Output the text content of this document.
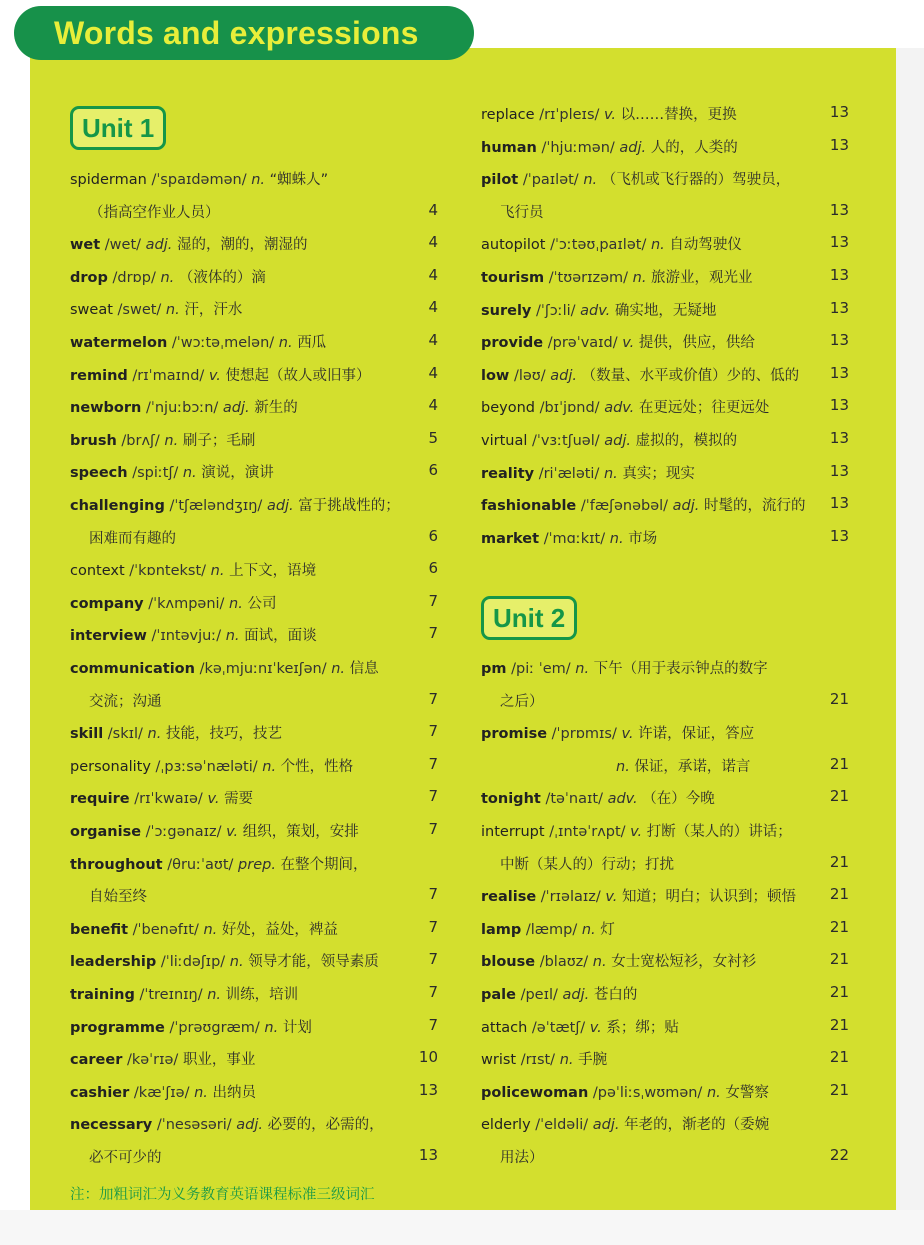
Words and expressions
Unit 1
spiderman /ˈspaɪdəmən/ n. “蜘蛛人”
（指高空作业人员）	4
wet /wet/ adj. 湿的，潮的，潮湿的	4
drop /drɒp/ n. （液体的）滴	4
sweat /swet/ n. 汗，汗水	4
watermelon /ˈwɔːtəˌmelən/ n. 西瓜	4
remind /rɪˈmaɪnd/ v. 使想起（故人或旧事）	4
newborn /ˈnjuːbɔːn/ adj. 新生的	4
brush /brʌʃ/ n. 刷子；毛刷	5
speech /spiːtʃ/ n. 演说，演讲	6
challenging /ˈtʃæləndʒɪŋ/ adj. 富于挑战性的；
困难而有趣的	6
context /ˈkɒntekst/ n. 上下文，语境	6
company /ˈkʌmpəni/ n. 公司	7
interview /ˈɪntəvjuː/ n. 面试，面谈	7
communication /kəˌmjuːnɪˈkeɪʃən/ n. 信息
交流；沟通	7
skill /skɪl/ n. 技能，技巧，技艺	7
personality /ˌpɜːsəˈnæləti/ n. 个性，性格	7
require /rɪˈkwaɪə/ v. 需要	7
organise /ˈɔːgənaɪz/ v. 组织，策划，安排	7
throughout /θruːˈaʊt/ prep. 在整个期间，
自始至终	7
benefit /ˈbenəfɪt/ n. 好处，益处，裨益	7
leadership /ˈliːdəʃɪp/ n. 领导才能，领导素质	7
training /ˈtreɪnɪŋ/ n. 训练，培训	7
programme /ˈprəʊgræm/ n. 计划	7
career /kəˈrɪə/ 职业，事业	10
cashier /kæˈʃɪə/ n. 出纳员	13
necessary /ˈnesəsəri/ adj. 必要的，必需的，
必不可少的	13
Unit 2
replace /rɪˈpleɪs/ v. 以……替换，更换	13
human /ˈhjuːmən/ adj. 人的，人类的	13
pilot /ˈpaɪlət/ n. （飞机或飞行器的）驾驶员，
飞行员	13
autopilot /ˈɔːtəʊˌpaɪlət/ n. 自动驾驶仪	13
tourism /ˈtʊərɪzəm/ n. 旅游业，观光业	13
surely /ˈʃɔːli/ adv. 确实地，无疑地	13
provide /prəˈvaɪd/ v. 提供，供应，供给	13
low /ləʊ/ adj. （数量、水平或价值）少的、低的 13
beyond /bɪˈjɒnd/ adv. 在更远处；往更远处	13
virtual /ˈvɜːtʃuəl/ adj. 虚拟的，模拟的	13
reality /riˈæləti/ n. 真实；现实	13
fashionable /ˈfæʃənəbəl/ adj. 时髦的，流行的 13
market /ˈmɑːkɪt/ n. 市场	13
pm /piː ˈem/ n. 下午（用于表示钟点的数字
之后）	21
promise /ˈprɒmɪs/ v. 许诺，保证，答应
n. 保证，承诺，诺言	21
tonight /təˈnaɪt/ adv. （在）今晚	21
interrupt /ˌɪntəˈrʌpt/ v. 打断（某人的）讲话；
中断（某人的）行动；打扰	21
realise /ˈrɪəlaɪz/ v. 知道；明白；认识到；顿悟 21
lamp /læmp/ n. 灯	21
blouse /blaʊz/ n. 女士宽松短衫，女衬衫	21
pale /peɪl/ adj. 苍白的	21
attach /əˈtætʃ/ v. 系；绑；贴	21
wrist /rɪst/ n. 手腕	21
policewoman /pəˈliːsˌwʊmən/ n. 女警察	21
elderly /ˈeldəli/ adj. 年老的，渐老的（委婉
用法）	22
注：加粗词汇为义务教育英语课程标准三级词汇
